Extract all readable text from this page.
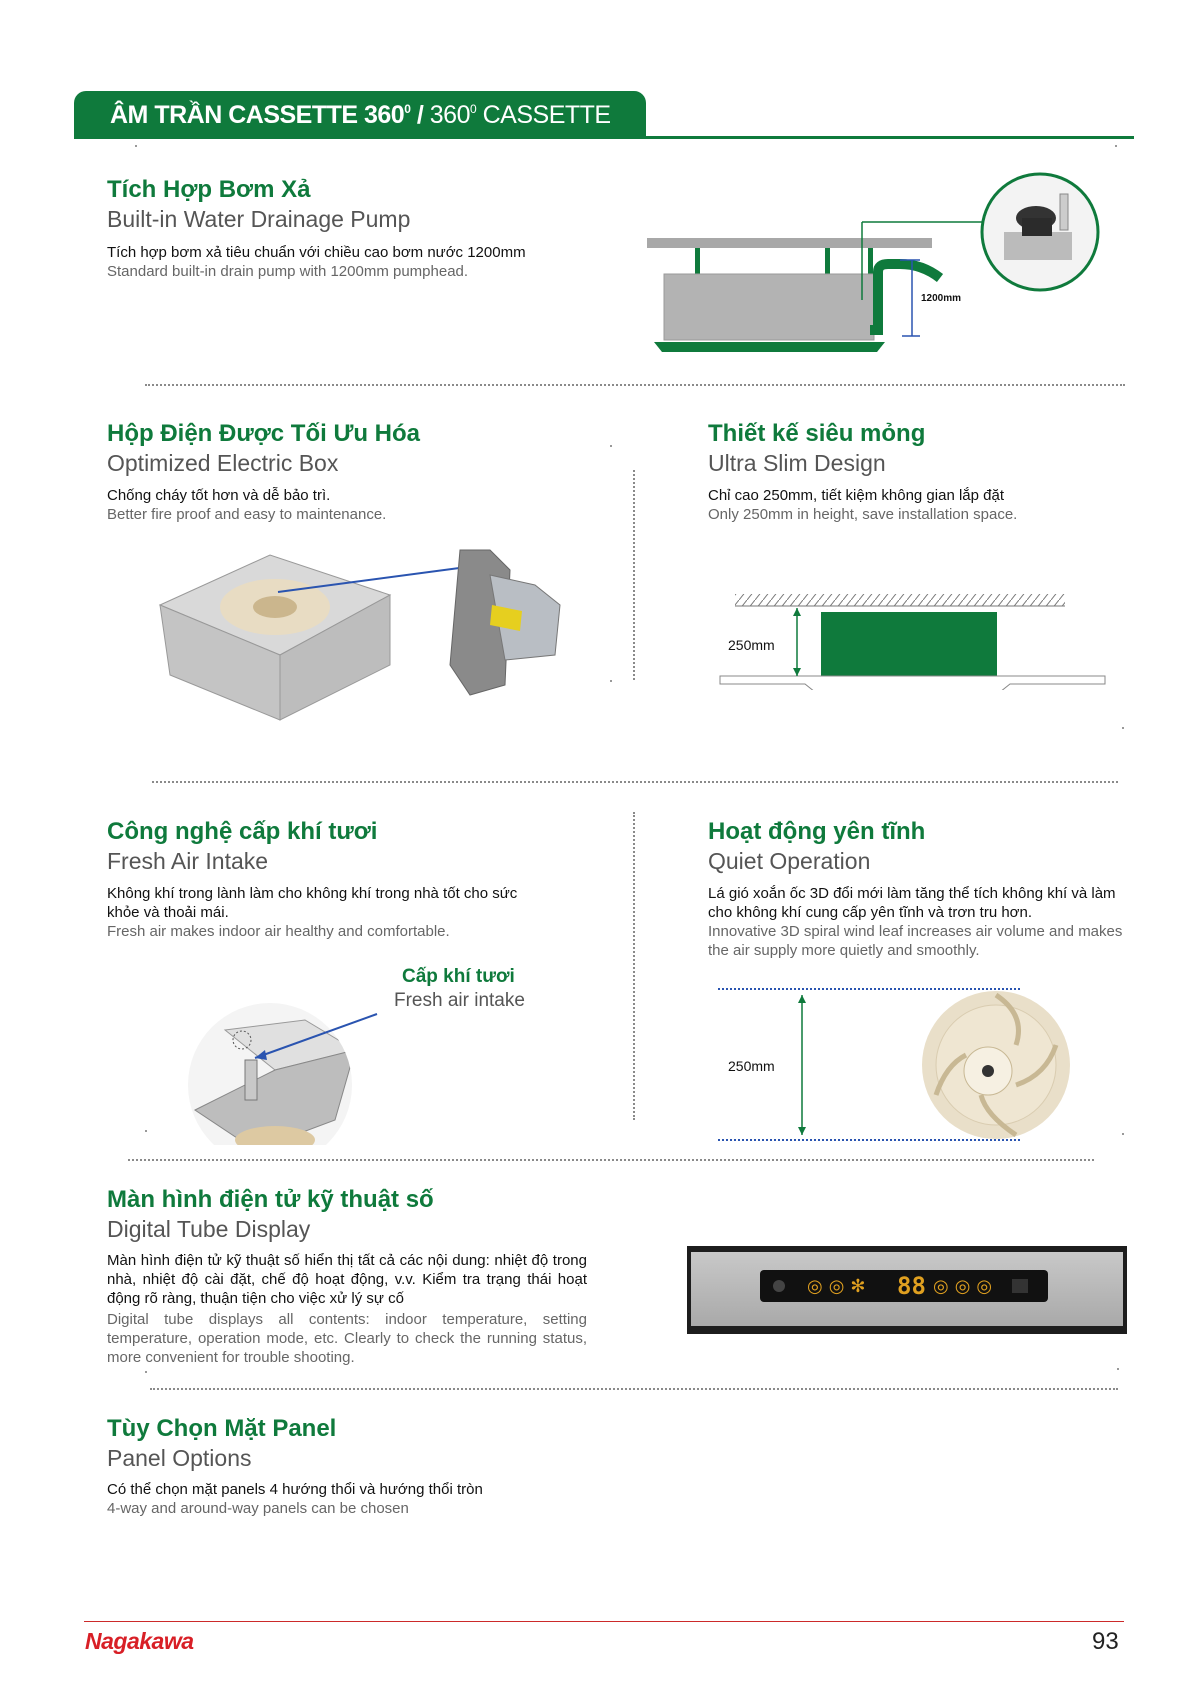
ÂM TRẦN CASSETTE $360^0 / 360^0$ CASSETTE
Tích Hợp Bơm Xả
Built-in Water Drainage Pump
Tích hợp bơm xả tiêu chuẩn với chiều cao bơm nước 1200mm
Standard built-in drain pump with 1200mm pumphead.
1200mm
Hộp Điện Được Tối Ưu Hóa
Optimized Electric Box
Chống cháy tốt hơn và dễ bảo trì.
Better fire proof and easy to maintenance.
Thiết kế siêu mỏng
Ultra Slim Design
Chỉ cao 250mm, tiết kiệm không gian lắp đặt
Only 250mm in height, save installation space.
250mm
Công nghệ cấp khí tươi
Fresh Air Intake
Không khí trong lành làm cho không khí trong nhà tốt cho sức khỏe và thoải mái.
Fresh air makes indoor air healthy and comfortable.
Cấp khí tươi
Fresh air intake
Hoạt động yên tĩnh
Quiet Operation
Lá gió xoắn ốc 3D đổi mới làm tăng thể tích không khí và làm cho không khí cung cấp yên tĩnh và trơn tru hơn.
Innovative 3D spiral wind leaf increases air volume and makes the air supply more quietly and smoothly.
250mm
Màn hình điện tử kỹ thuật số
Digital Tube Display
Màn hình điện tử kỹ thuật số hiển thị tất cả các nội dung: nhiệt độ trong nhà, nhiệt độ cài đặt, chế độ hoạt động, v.v. Kiểm tra trạng thái hoạt động rõ ràng, thuận tiện cho việc xử lý sự cố
Digital tube displays all contents: indoor temperature, setting temperature, operation mode, etc. Clearly to check the running status, more convenient for trouble shooting.
◎◎✻ 88 ◎◎◎
Tùy Chọn Mặt Panel
Panel Options
Có thể chọn mặt panels 4 hướng thổi và hướng thổi tròn
4-way and around-way panels can be chosen
Nagakawa	93
